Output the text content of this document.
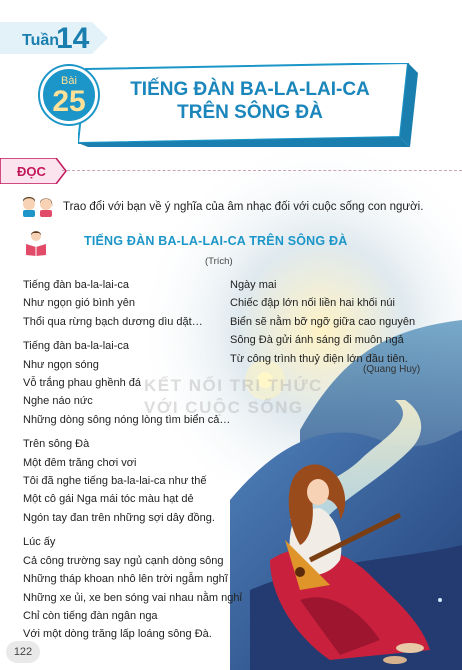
Tuần
14
Bài
25	TIẾNG ĐÀN BA-LA-LAI-CA
TRÊN SÔNG ĐÀ
ĐỌC
Trao đổi với bạn về ý nghĩa của âm nhạc đối với cuộc sống con người.
TIẾNG ĐÀN BA-LA-LAI-CA TRÊN SÔNG ĐÀ
(Trích)
KẾT NỐI TRI THỨC
VỚI CUỘC SỐNG
Tiếng đàn ba-la-lai-ca
Như ngọn gió bình yên
Thổi qua rừng bạch dương dìu dặt…
Tiếng đàn ba-la-lai-ca
Như ngọn sóng
Vỗ trắng phau ghềnh đá
Nghe náo nức
Những dòng sông nóng lòng tìm biển cả…
Trên sông Đà
Một đêm trăng chơi vơi
Tôi đã nghe tiếng ba-la-lai-ca như thế
Một cô gái Nga mái tóc màu hạt dẻ
Ngón tay đan trên những sợi dây đồng.
Lúc ấy
Cả công trường say ngủ cạnh dòng sông
Những tháp khoan nhô lên trời ngẫm nghĩ
Những xe ủi, xe ben sóng vai nhau nằm nghỉ
Chỉ còn tiếng đàn ngân nga
Với một dòng trăng lấp loáng sông Đà.
Ngày mai
Chiếc đập lớn nối liền hai khối núi
Biển sẽ nằm bỡ ngỡ giữa cao nguyên
Sông Đà gửi ánh sáng đi muôn ngả
Từ công trình thuỷ điện lớn đầu tiên.
(Quang Huy)
122
